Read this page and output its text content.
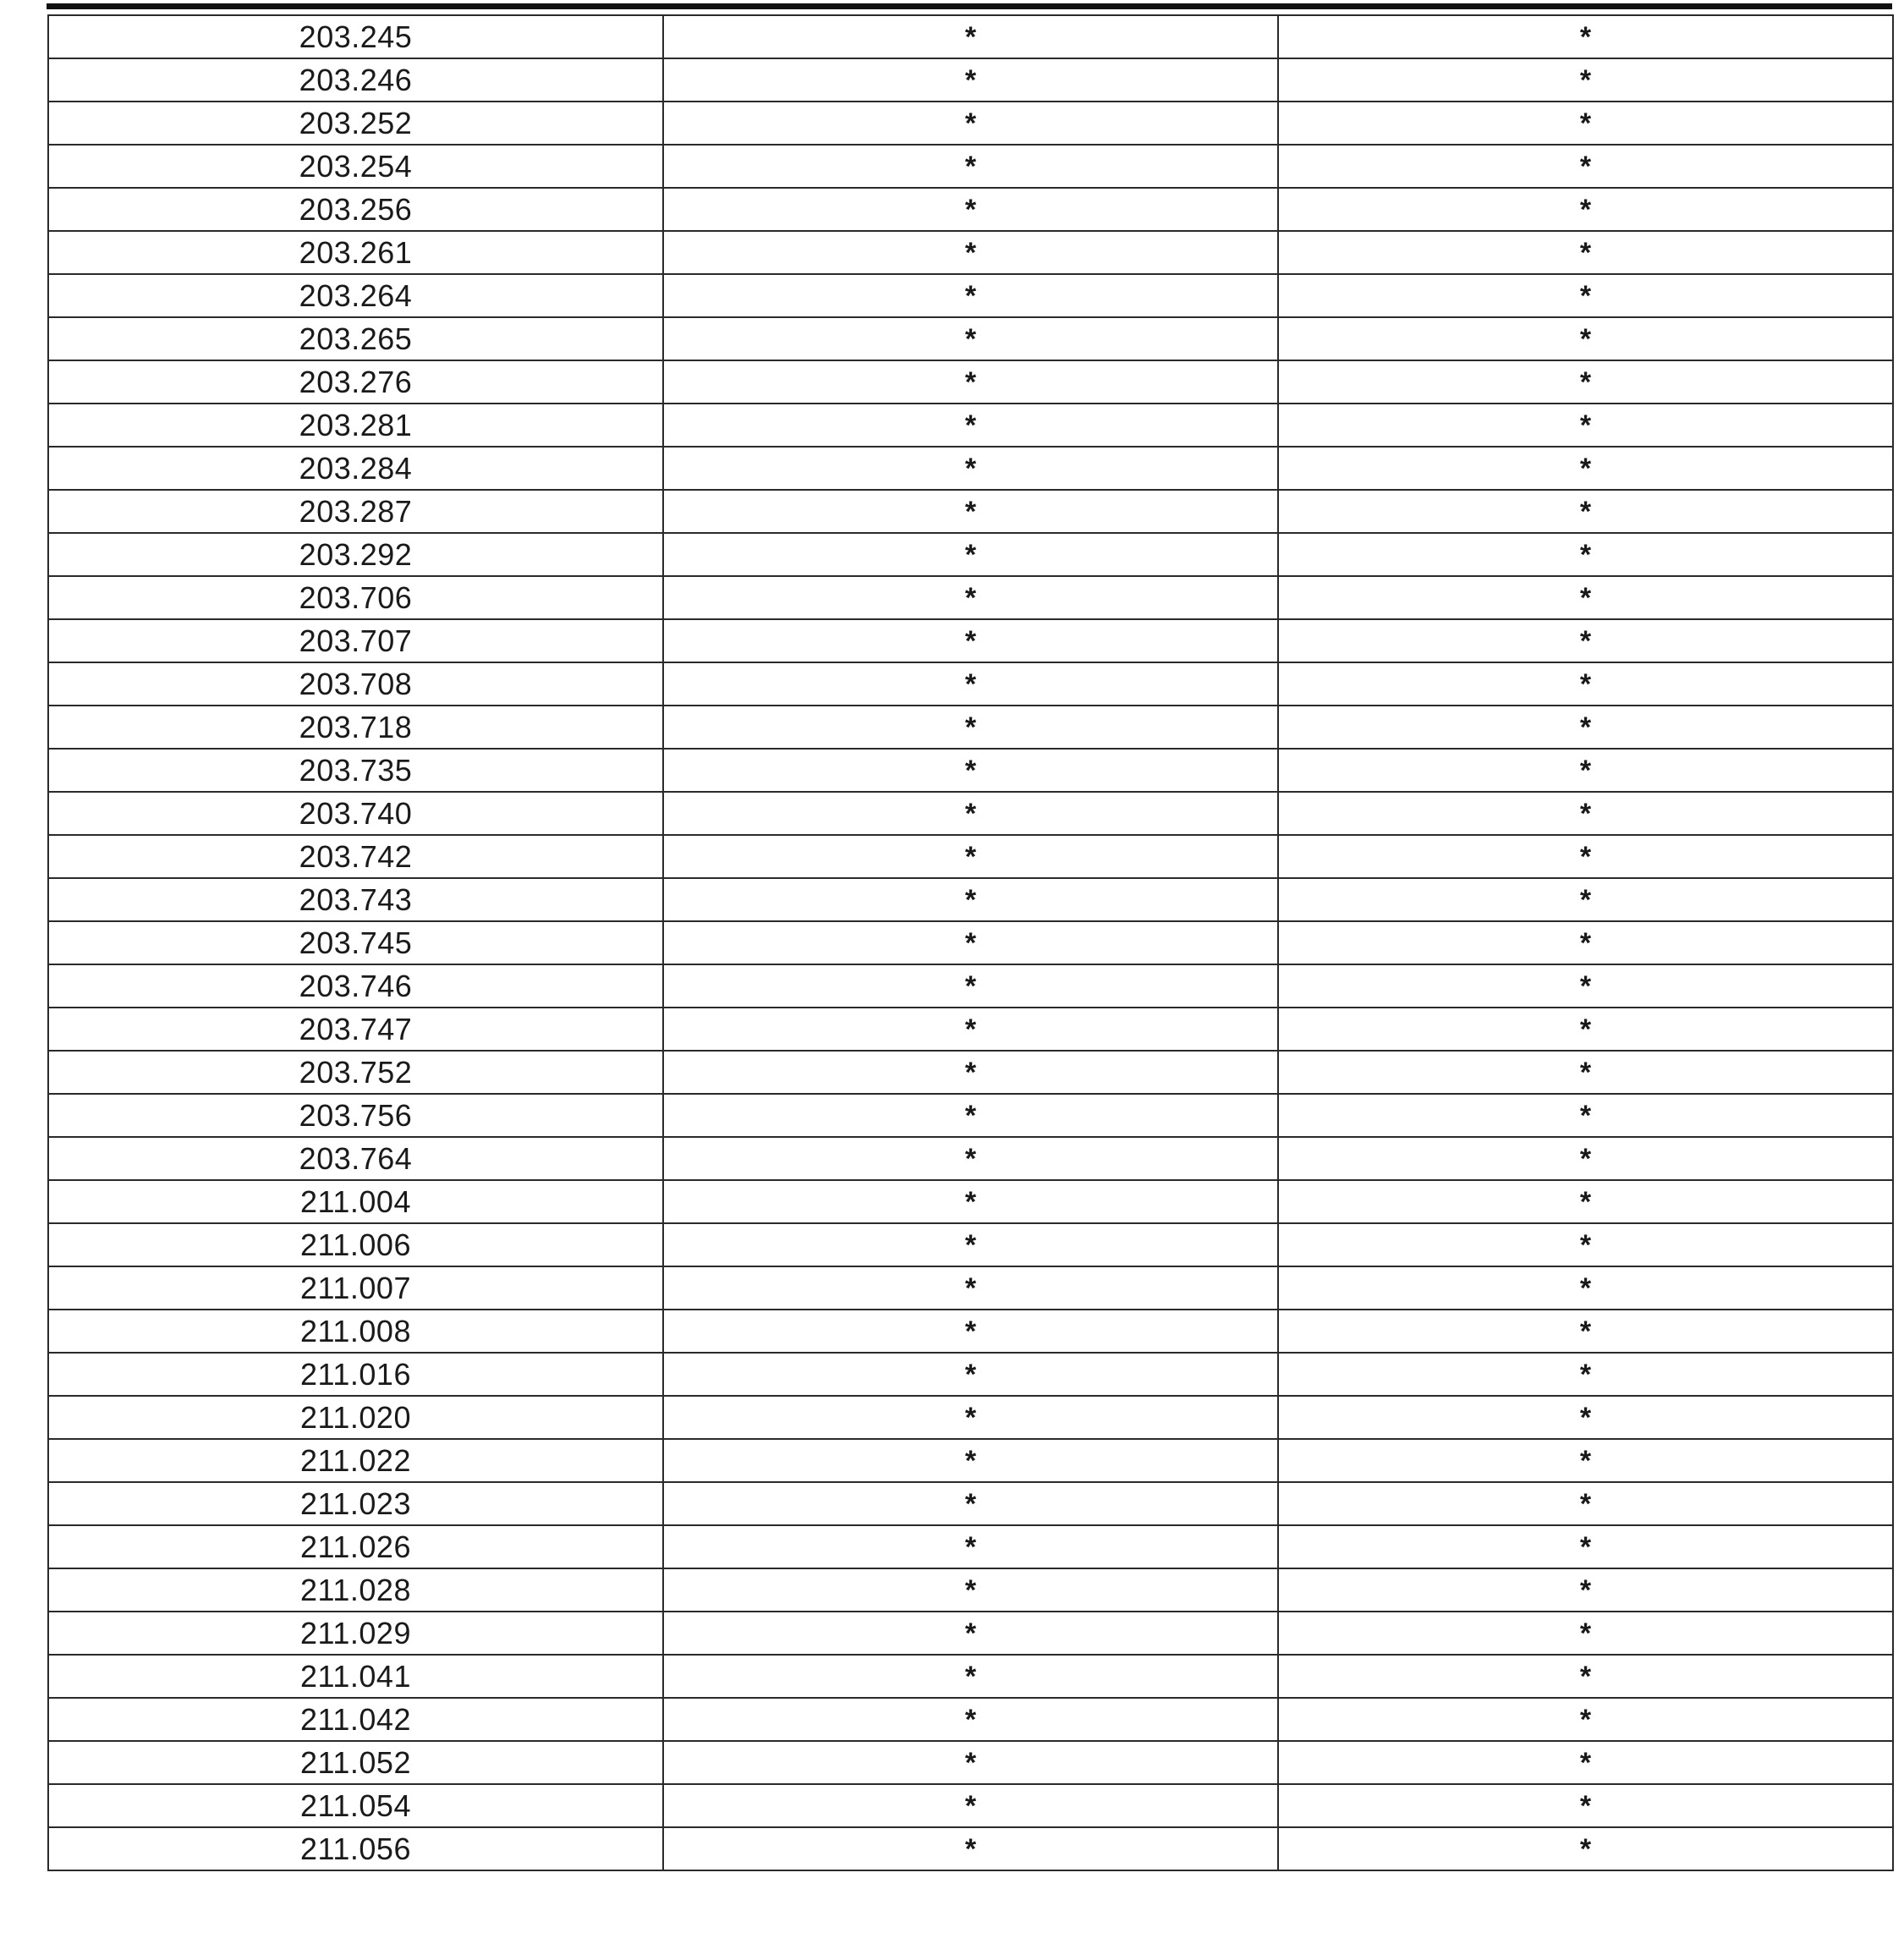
203.245	*	*
203.246	*	*
203.252	*	*
203.254	*	*
203.256	*	*
203.261	*	*
203.264	*	*
203.265	*	*
203.276	*	*
203.281	*	*
203.284	*	*
203.287	*	*
203.292	*	*
203.706	*	*
203.707	*	*
203.708	*	*
203.718	*	*
203.735	*	*
203.740	*	*
203.742	*	*
203.743	*	*
203.745	*	*
203.746	*	*
203.747	*	*
203.752	*	*
203.756	*	*
203.764	*	*
211.004	*	*
211.006	*	*
211.007	*	*
211.008	*	*
211.016	*	*
211.020	*	*
211.022	*	*
211.023	*	*
211.026	*	*
211.028	*	*
211.029	*	*
211.041	*	*
211.042	*	*
211.052	*	*
211.054	*	*
211.056	*	*
